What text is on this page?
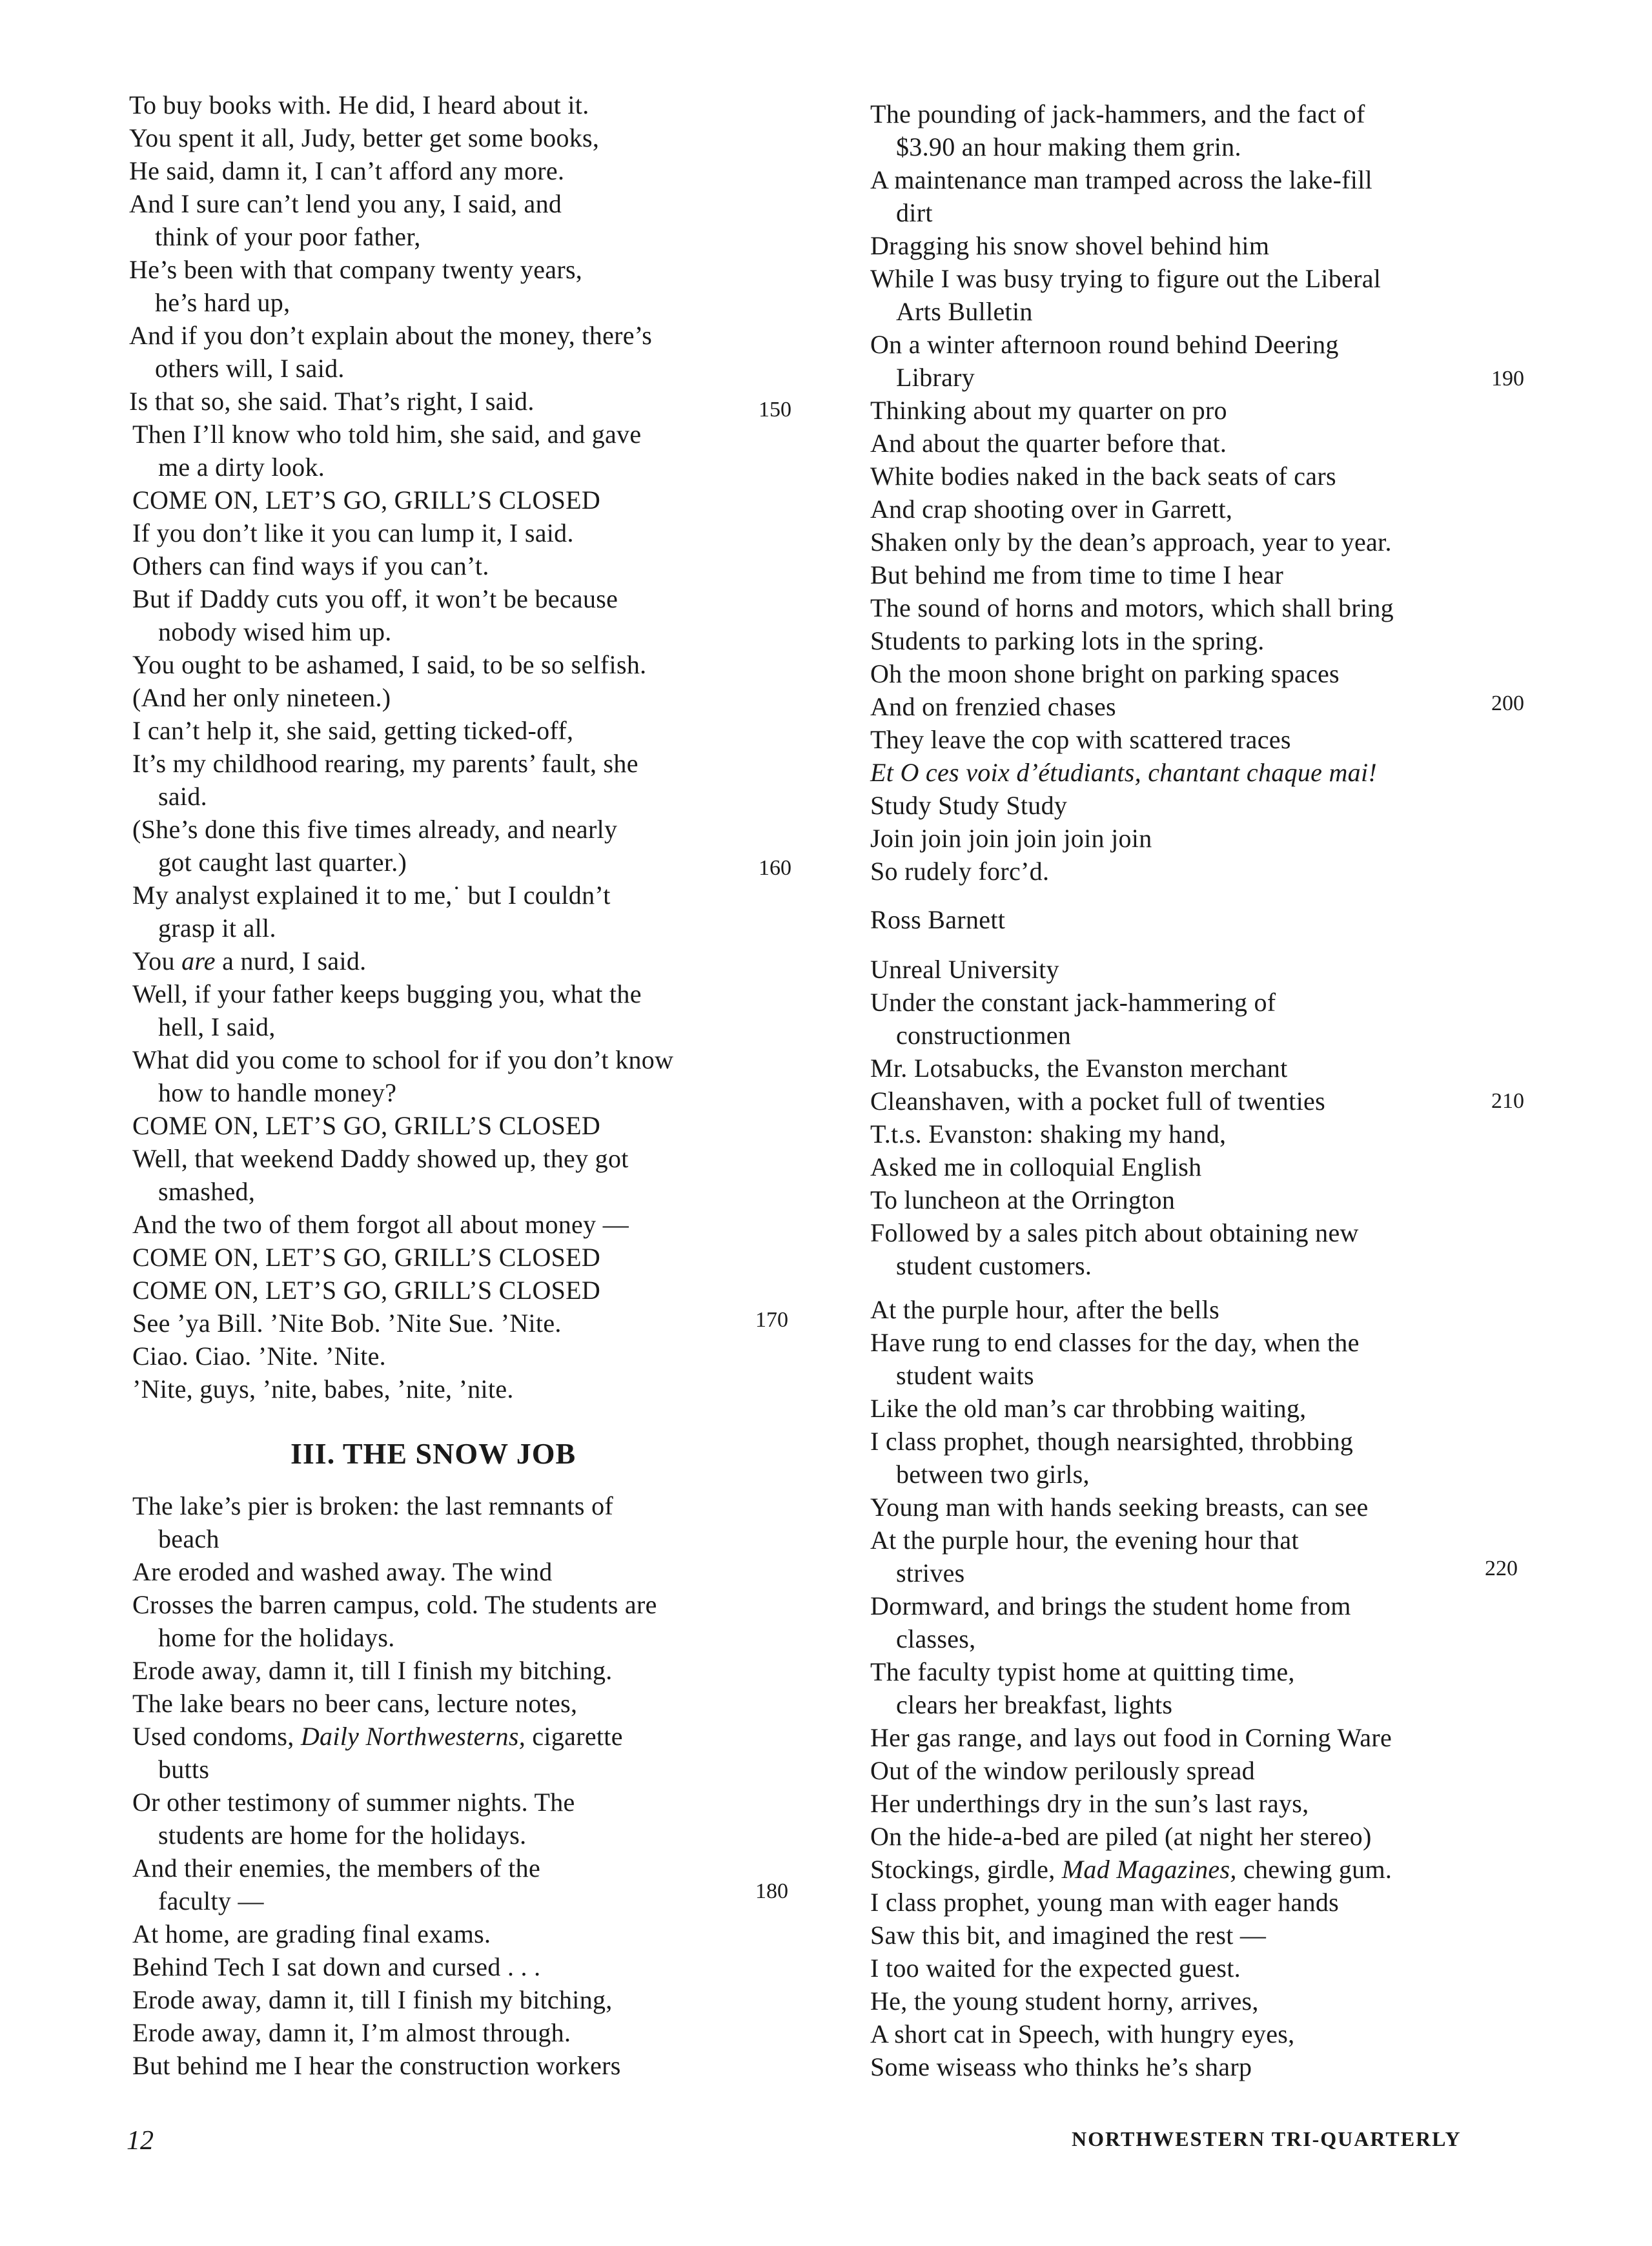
To buy books with. He did, I heard about it.
You spent it all, Judy, better get some books,
He said, damn it, I can’t afford any more.
And I sure can’t lend you any, I said, and
think of your poor father,
He’s been with that company twenty years,
he’s hard up,
And if you don’t explain about the money, there’s
others will, I said.
Is that so, she said. That’s right, I said.	150
Then I’ll know who told him, she said, and gave
me a dirty look.
COME ON, LET’S GO, GRILL’S CLOSED
If you don’t like it you can lump it, I said.
Others can find ways if you can’t.
But if Daddy cuts you off, it won’t be because
nobody wised him up.
You ought to be ashamed, I said, to be so selfish.
(And her only nineteen.)
I can’t help it, she said, getting ticked-off,
It’s my childhood rearing, my parents’ fault, she
said.
(She’s done this five times already, and nearly
got caught last quarter.)	160
My analyst explained it to me,˙ but I couldn’t
grasp it all.
You are a nurd, I said.
Well, if your father keeps bugging you, what the
hell, I said,
What did you come to school for if you don’t know
how to handle money?
COME ON, LET’S GO, GRILL’S CLOSED
Well, that weekend Daddy showed up, they got
smashed,
And the two of them forgot all about money —
COME ON, LET’S GO, GRILL’S CLOSED
COME ON, LET’S GO, GRILL’S CLOSED
See ’ya Bill. ’Nite Bob. ’Nite Sue. ’Nite.	170
Ciao. Ciao. ’Nite. ’Nite.
’Nite, guys, ’nite, babes, ’nite, ’nite.
III. THE SNOW JOB
The lake’s pier is broken: the last remnants of
beach
Are eroded and washed away. The wind
Crosses the barren campus, cold. The students are
home for the holidays.
Erode away, damn it, till I finish my bitching.
The lake bears no beer cans, lecture notes,
Used condoms, Daily Northwesterns, cigarette
butts
Or other testimony of summer nights. The
students are home for the holidays.
And their enemies, the members of the
faculty —	180
At home, are grading final exams.
Behind Tech I sat down and cursed . . .
Erode away, damn it, till I finish my bitching,
Erode away, damn it, I’m almost through.
But behind me I hear the construction workers
The pounding of jack-hammers, and the fact of
$3.90 an hour making them grin.
A maintenance man tramped across the lake-fill
dirt
Dragging his snow shovel behind him
While I was busy trying to figure out the Liberal
Arts Bulletin
On a winter afternoon round behind Deering
Library	190
Thinking about my quarter on pro
And about the quarter before that.
White bodies naked in the back seats of cars
And crap shooting over in Garrett,
Shaken only by the dean’s approach, year to year.
But behind me from time to time I hear
The sound of horns and motors, which shall bring
Students to parking lots in the spring.
Oh the moon shone bright on parking spaces
And on frenzied chases	200
They leave the cop with scattered traces
Et O ces voix d’étudiants, chantant chaque mai!
Study Study Study
Join join join join join join
So rudely forc’d.
Ross Barnett
Unreal University
Under the constant jack-hammering of
constructionmen
Mr. Lotsabucks, the Evanston merchant
Cleanshaven, with a pocket full of twenties	210
T.t.s. Evanston: shaking my hand,
Asked me in colloquial English
To luncheon at the Orrington
Followed by a sales pitch about obtaining new
student customers.
At the purple hour, after the bells
Have rung to end classes for the day, when the
student waits
Like the old man’s car throbbing waiting,
I class prophet, though nearsighted, throbbing
between two girls,
Young man with hands seeking breasts, can see
At the purple hour, the evening hour that
strives	220
Dormward, and brings the student home from
classes,
The faculty typist home at quitting time,
clears her breakfast, lights
Her gas range, and lays out food in Corning Ware
Out of the window perilously spread
Her underthings dry in the sun’s last rays,
On the hide-a-bed are piled (at night her stereo)
Stockings, girdle, Mad Magazines, chewing gum.
I class prophet, young man with eager hands
Saw this bit, and imagined the rest —
I too waited for the expected guest.
He, the young student horny, arrives,
A short cat in Speech, with hungry eyes,
Some wiseass who thinks he’s sharp
12	NORTHWESTERN TRI-QUARTERLY
